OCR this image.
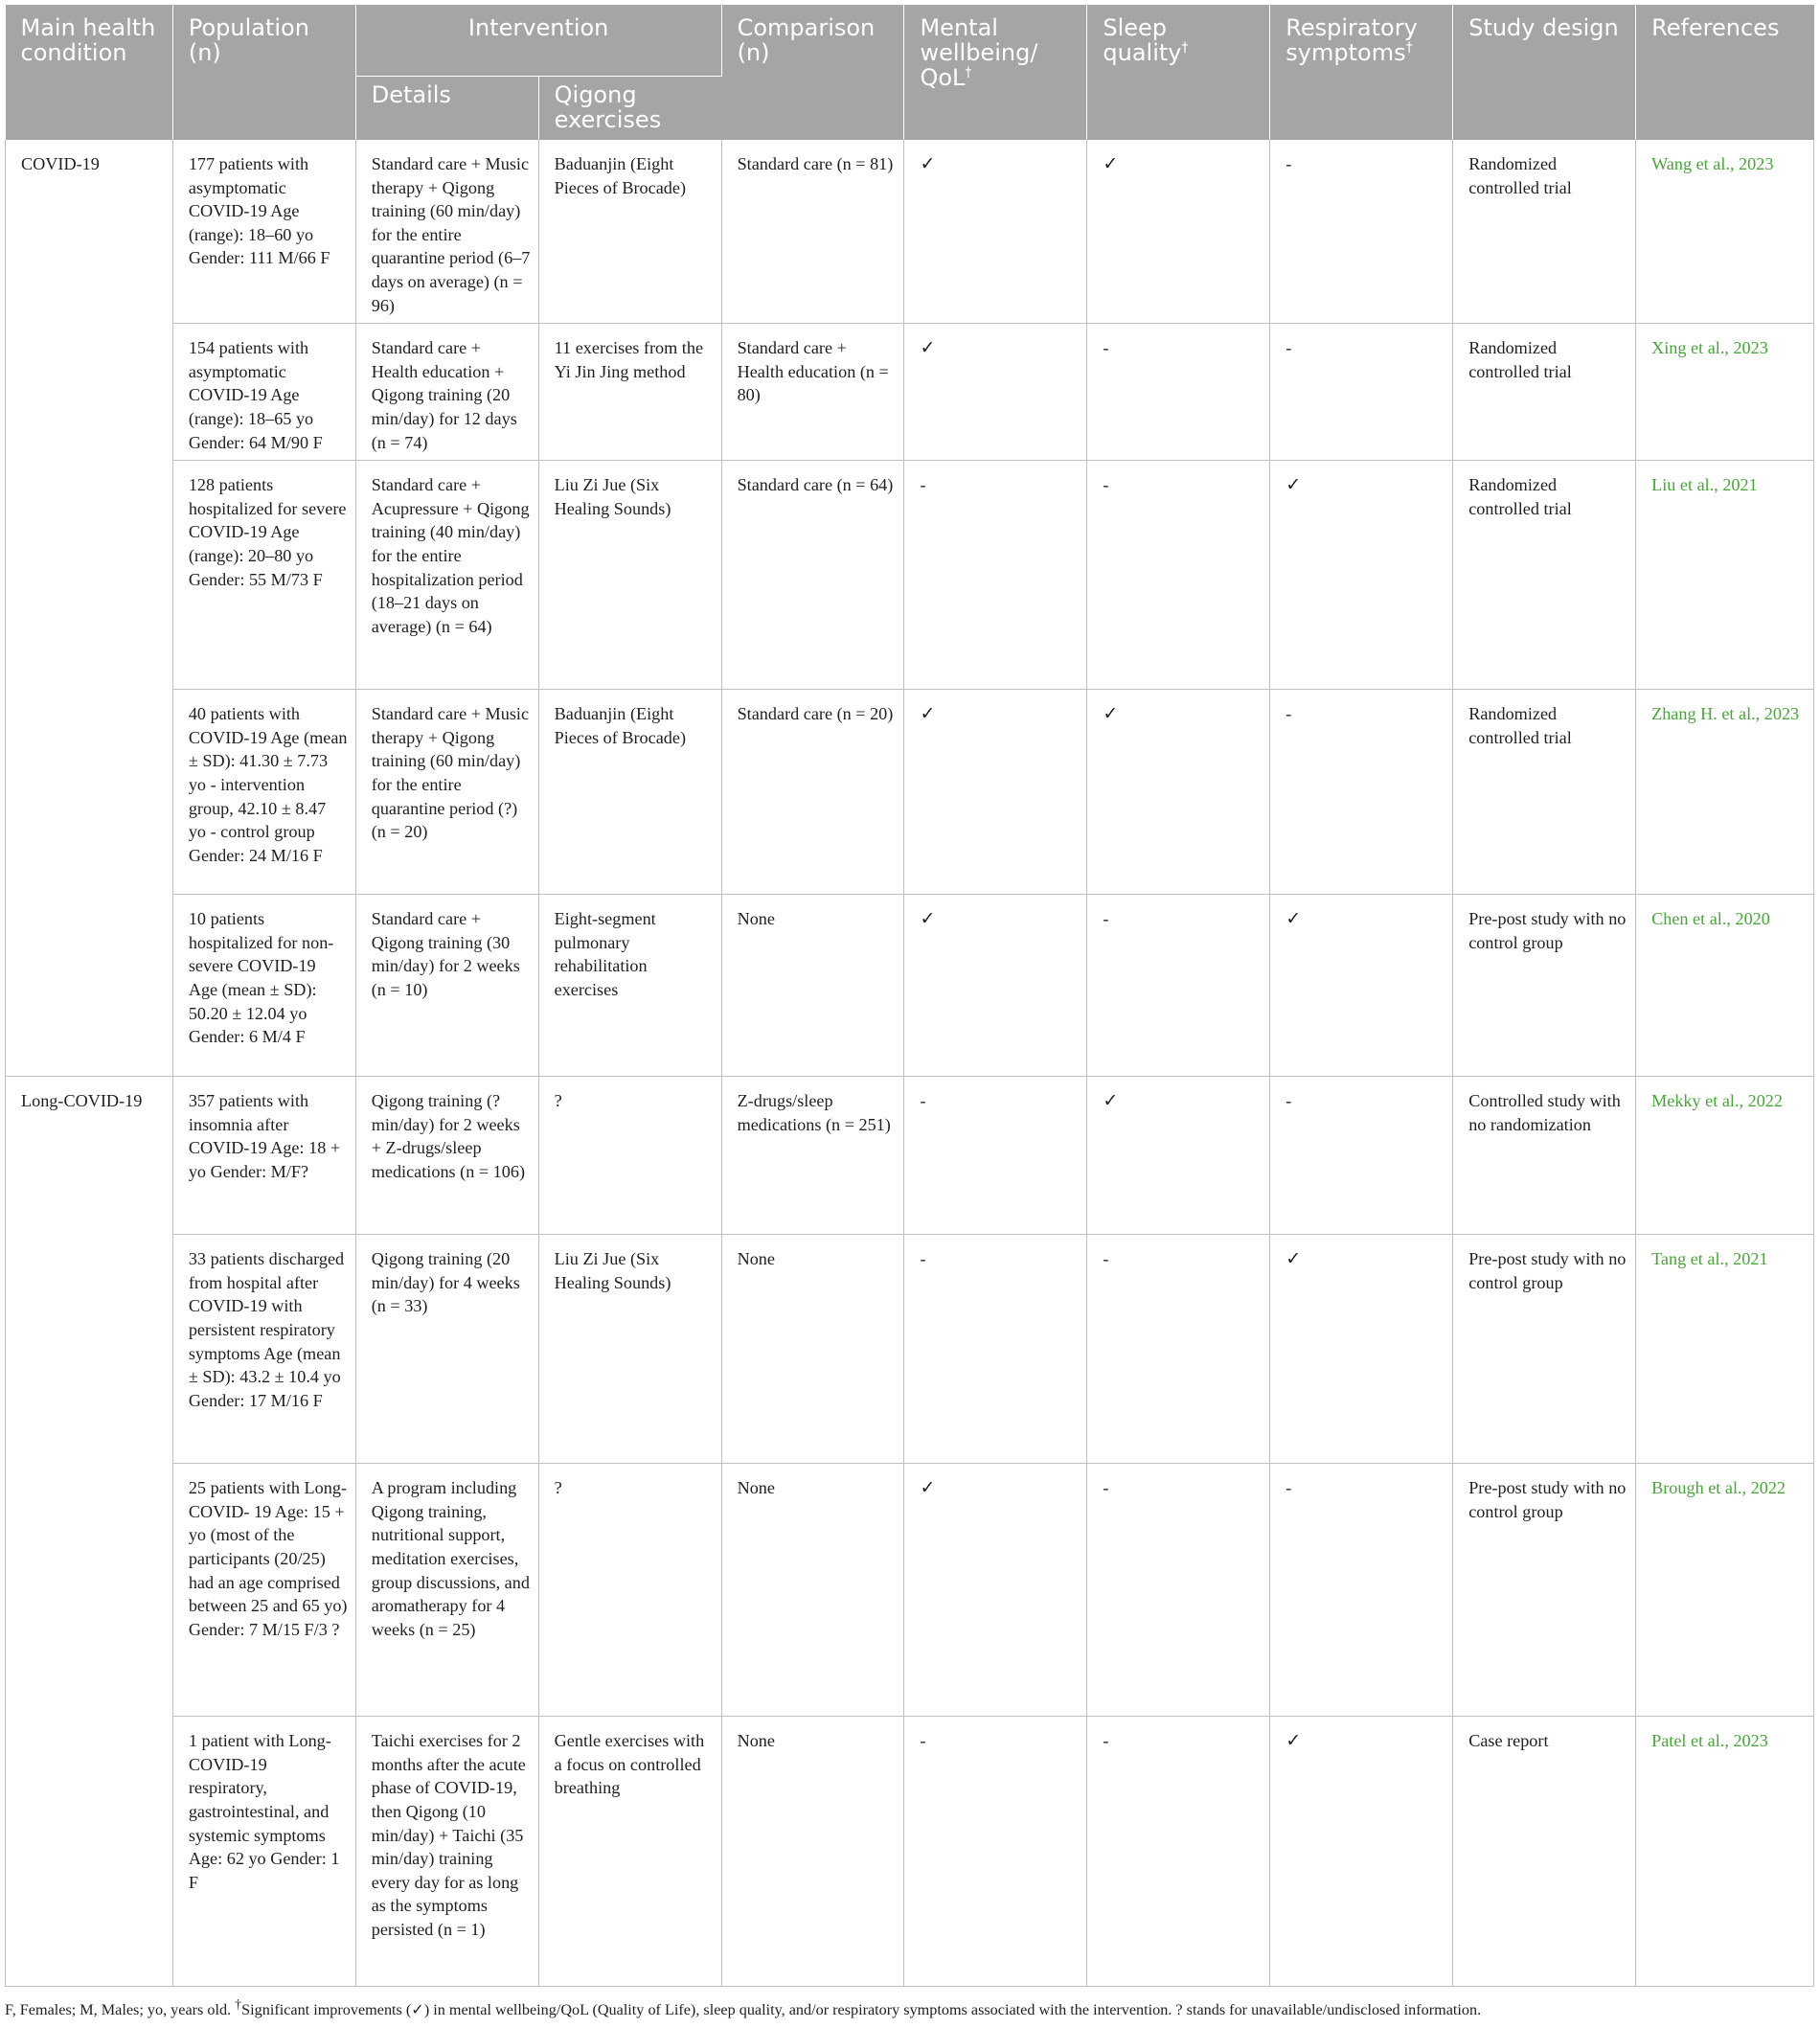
Main health condition	Population (n)	Intervention		Comparison (n)	Mental wellbeing/ QoL†	Sleep quality†	Respiratory symptoms†	Study design	References
		Details	Qigong exercises						
COVID-19	177 patients with asymptomatic COVID-19 Age (range): 18–60 yo Gender: 111 M/66 F	Standard care + Music therapy + Qigong training (60 min/day) for the entire quarantine period (6–7 days on average) (n = 96)	Baduanjin (Eight Pieces of Brocade)	Standard care (n = 81)	✓	✓	-	Randomized controlled trial	Wang et al., 2023
	154 patients with asymptomatic COVID-19 Age (range): 18–65 yo Gender: 64 M/90 F	Standard care + Health education + Qigong training (20 min/day) for 12 days (n = 74)	11 exercises from the Yi Jin Jing method	Standard care + Health education (n = 80)	✓	-	-	Randomized controlled trial	Xing et al., 2023
	128 patients hospitalized for severe COVID-19 Age (range): 20–80 yo Gender: 55 M/73 F	Standard care + Acupressure + Qigong training (40 min/day) for the entire hospitalization period (18–21 days on average) (n = 64)	Liu Zi Jue (Six Healing Sounds)	Standard care (n = 64)	-	-	✓	Randomized controlled trial	Liu et al., 2021
	40 patients with COVID-19 Age (mean ± SD): 41.30 ± 7.73 yo - intervention group, 42.10 ± 8.47 yo - control group Gender: 24 M/16 F	Standard care + Music therapy + Qigong training (60 min/day) for the entire quarantine period (?) (n = 20)	Baduanjin (Eight Pieces of Brocade)	Standard care (n = 20)	✓	✓	-	Randomized controlled trial	Zhang H. et al., 2023
	10 patients hospitalized for non- severe COVID-19 Age (mean ± SD): 50.20 ± 12.04 yo Gender: 6 M/4 F	Standard care + Qigong training (30 min/day) for 2 weeks (n = 10)	Eight-segment pulmonary rehabilitation exercises	None	✓	-	✓	Pre-post study with no control group	Chen et al., 2020
Long-COVID-19	357 patients with insomnia after COVID-19 Age: 18 + yo Gender: M/F?	Qigong training (? min/day) for 2 weeks + Z-drugs/sleep medications (n = 106)	?	Z-drugs/sleep medications (n = 251)	-	✓	-	Controlled study with no randomization	Mekky et al., 2022
	33 patients discharged from hospital after COVID-19 with persistent respiratory symptoms Age (mean ± SD): 43.2 ± 10.4 yo Gender: 17 M/16 F	Qigong training (20 min/day) for 4 weeks (n = 33)	Liu Zi Jue (Six Healing Sounds)	None	-	-	✓	Pre-post study with no control group	Tang et al., 2021
	25 patients with Long-COVID- 19 Age: 15 + yo (most of the participants (20/25) had an age comprised between 25 and 65 yo) Gender: 7 M/15 F/3 ?	A program including Qigong training, nutritional support, meditation exercises, group discussions, and aromatherapy for 4 weeks (n = 25)	?	None	✓	-	-	Pre-post study with no control group	Brough et al., 2022
	1 patient with Long-COVID-19 respiratory, gastrointestinal, and systemic symptoms Age: 62 yo Gender: 1 F	Taichi exercises for 2 months after the acute phase of COVID-19, then Qigong (10 min/day) + Taichi (35 min/day) training every day for as long as the symptoms persisted (n = 1)	Gentle exercises with a focus on controlled breathing	None	-	-	✓	Case report	Patel et al., 2023
F, Females; M, Males; yo, years old. †Significant improvements (✓) in mental wellbeing/QoL (Quality of Life), sleep quality, and/or respiratory symptoms associated with the intervention. ? stands for unavailable/undisclosed information.
